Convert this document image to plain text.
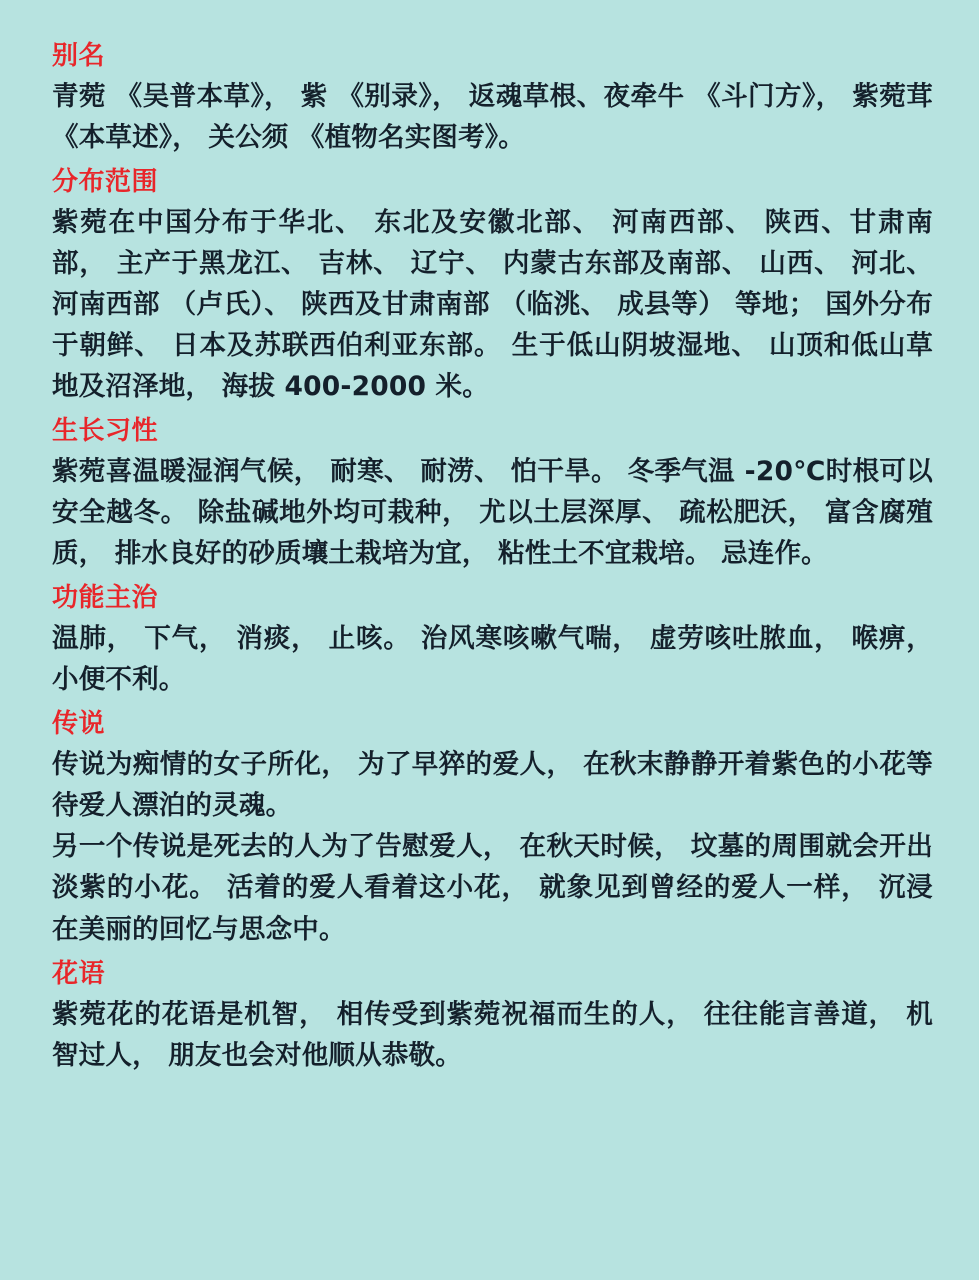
别名

青菀 《吴普本草》， 紫 《别录》， 返魂草根、夜牵牛 《斗门方》， 紫菀茸 《本草述》， 关公须 《植物名实图考》。

分布范围

紫菀在中国分布于华北、 东北及安徽北部、 河南西部、 陕西、甘肃南部， 主产于黑龙江、 吉林、 辽宁、 内蒙古东部及南部、 山西、 河北、 河南西部 （卢氏）、 陕西及甘肃南部 （临洮、 成县等） 等地； 国外分布于朝鲜、 日本及苏联西伯利亚东部。 生于低山阴坡湿地、 山顶和低山草地及沼泽地， 海拔 400-2000 米。

生长习性

紫菀喜温暖湿润气候， 耐寒、 耐涝、 怕干旱。 冬季气温 -20℃时根可以安全越冬。 除盐碱地外均可栽种， 尤以土层深厚、 疏松肥沃， 富含腐殖质， 排水良好的砂质壤土栽培为宜， 粘性土不宜栽培。 忌连作。

功能主治

温肺， 下气， 消痰， 止咳。 治风寒咳嗽气喘， 虚劳咳吐脓血， 喉痹， 小便不利。

传说

传说为痴情的女子所化， 为了早猝的爱人， 在秋末静静开着紫色的小花等待爱人漂泊的灵魂。

另一个传说是死去的人为了告慰爱人， 在秋天时候， 坟墓的周围就会开出淡紫的小花。 活着的爱人看着这小花， 就象见到曾经的爱人一样， 沉浸在美丽的回忆与思念中。

花语

紫菀花的花语是机智， 相传受到紫菀祝福而生的人， 往往能言善道， 机智过人， 朋友也会对他顺从恭敬。
